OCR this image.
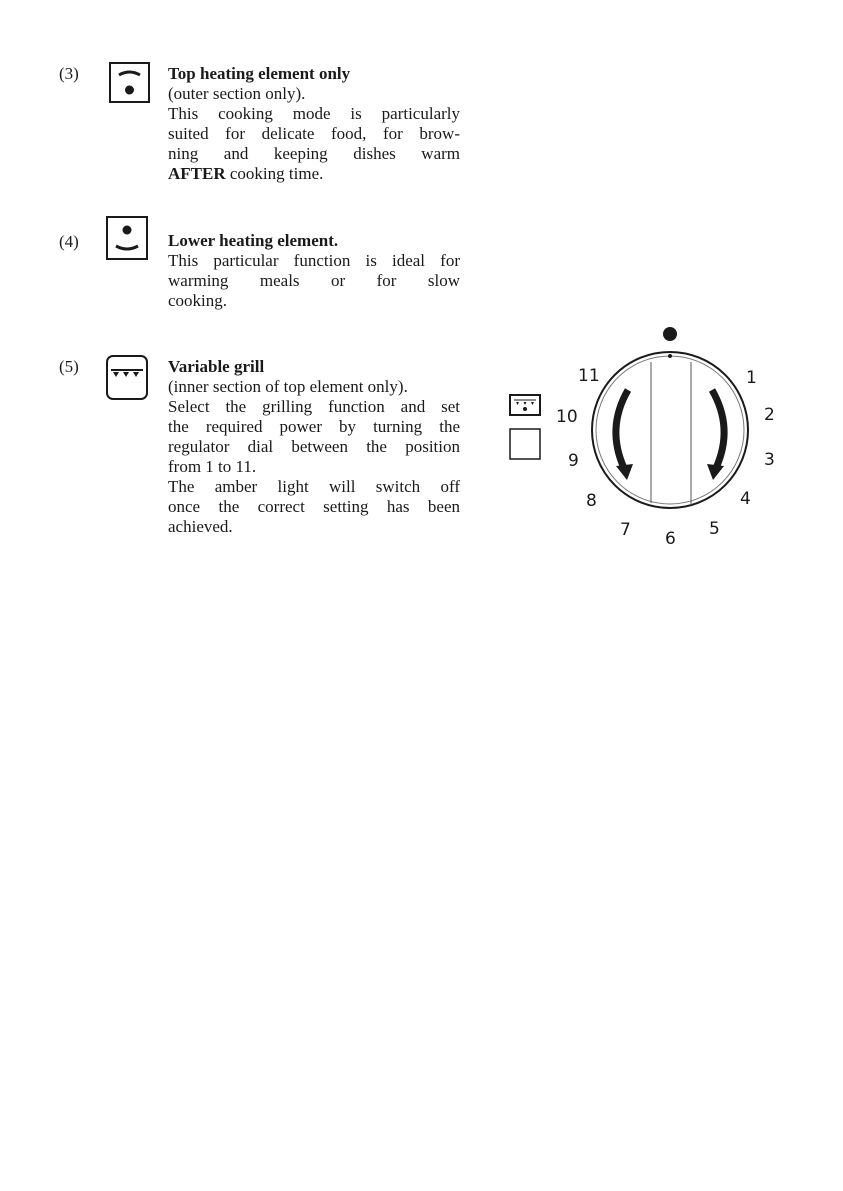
(3)	Top heating element only
(outer section only).
This cooking mode is particularly
suited for delicate food, for brow-
ning and keeping dishes warm
AFTER cooking time.
(4)	Lower heating element.
This particular function is ideal for
warming meals or for slow
cooking.
(5)	Variable grill
(inner section of top element only).
Select the grilling function and set
the required power by turning the
regulator dial between the position
from 1 to 11.
The amber light will switch off
once the correct setting has been
achieved.
1
2
3
4
5
6
7
8
9
10
11
